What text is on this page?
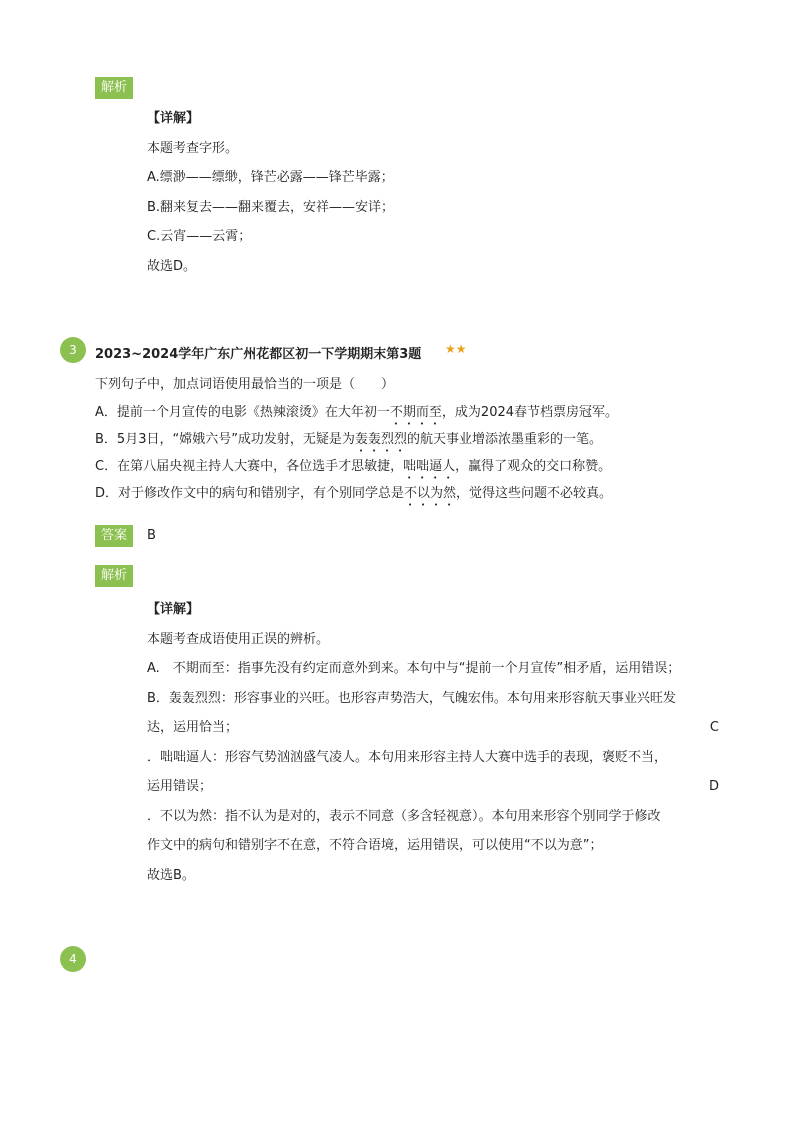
解析

【详解】

本题考查字形。

A.缥渺——缥缈，锋芒必露——锋芒毕露；

B.翻来复去——翻来覆去，安祥——安详；

C.云宵——云霄；

故选D。

3	2023~2024学年广东广州花都区初一下学期期末第3题 ★★
下列句子中，加点词语使用最恰当的一项是（　　）
A．提前一个月宣传的电影《热辣滚烫》在大年初一不期而至，成为2024春节档票房冠军。
B．5月3日，“嫦娥六号”成功发射，无疑是为轰轰烈烈的航天事业增添浓墨重彩的一笔。
C．在第八届央视主持人大赛中，各位选手才思敏捷，咄咄逼人，赢得了观众的交口称赞。
D．对于修改作文中的病句和错别字，有个别同学总是不以为然，觉得这些问题不必较真。
答案	B
解析

【详解】

本题考查成语使用正误的辨析。

A.　不期而至：指事先没有约定而意外到来。本句中与“提前一个月宣传”相矛盾，运用错误；

B．轰轰烈烈：形容事业的兴旺。也形容声势浩大，气魄宏伟。本句用来形容航天事业兴旺发

达，运用恰当；	C

．咄咄逼人：形容气势汹汹盛气凌人。本句用来形容主持人大赛中选手的表现，褒贬不当，

运用错误；	D

．不以为然：指不认为是对的，表示不同意（多含轻视意）。本句用来形容个别同学于修改

作文中的病句和错别字不在意，不符合语境，运用错误，可以使用“不以为意”；

故选B。

4
